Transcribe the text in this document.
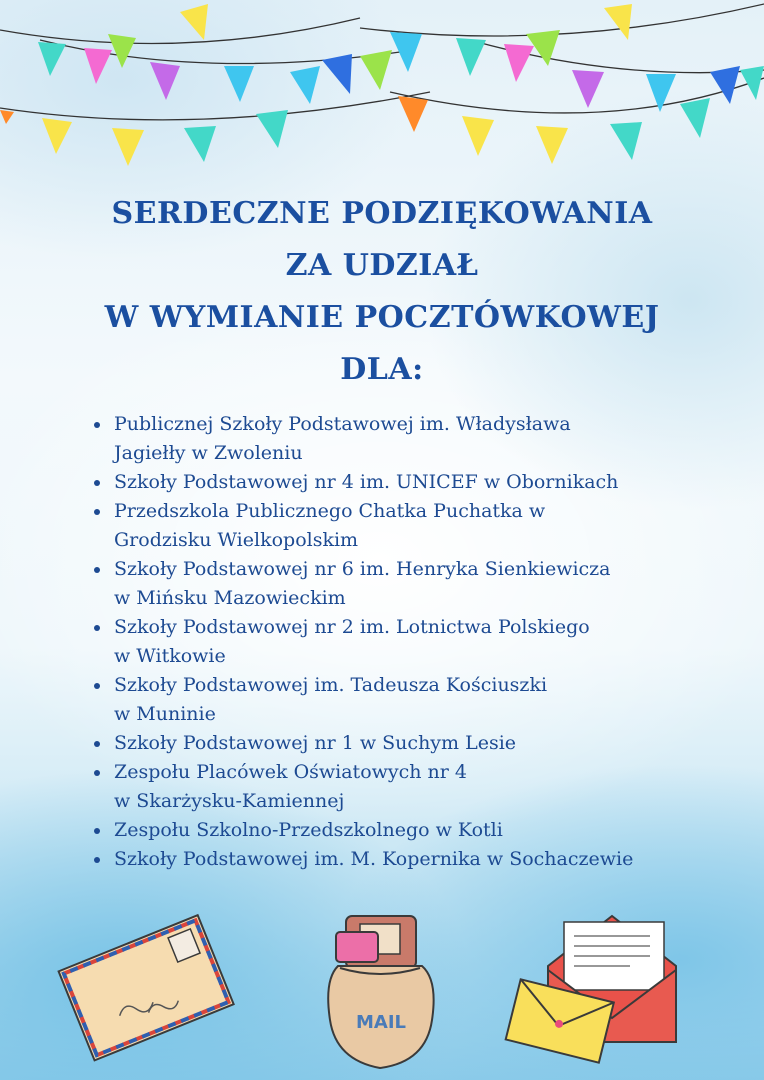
SERDECZNE PODZIĘKOWANIA
ZA UDZIAŁ
W WYMIANIE POCZTÓWKOWEJ
DLA:
Publicznej Szkoły Podstawowej im. Władysława
Jagiełły w Zwoleniu
Szkoły Podstawowej nr 4 im. UNICEF w Obornikach
Przedszkola Publicznego Chatka Puchatka w
Grodzisku Wielkopolskim
Szkoły Podstawowej nr 6 im. Henryka Sienkiewicza
w Mińsku Mazowieckim
Szkoły Podstawowej nr 2 im. Lotnictwa Polskiego
w Witkowie
Szkoły Podstawowej im. Tadeusza Kościuszki
w Muninie
Szkoły Podstawowej nr 1 w Suchym Lesie
Zespołu Placówek Oświatowych nr 4
w Skarżysku-Kamiennej
Zespołu Szkolno-Przedszkolnego w Kotli
Szkoły Podstawowej im. M. Kopernika w Sochaczewie
MAIL
